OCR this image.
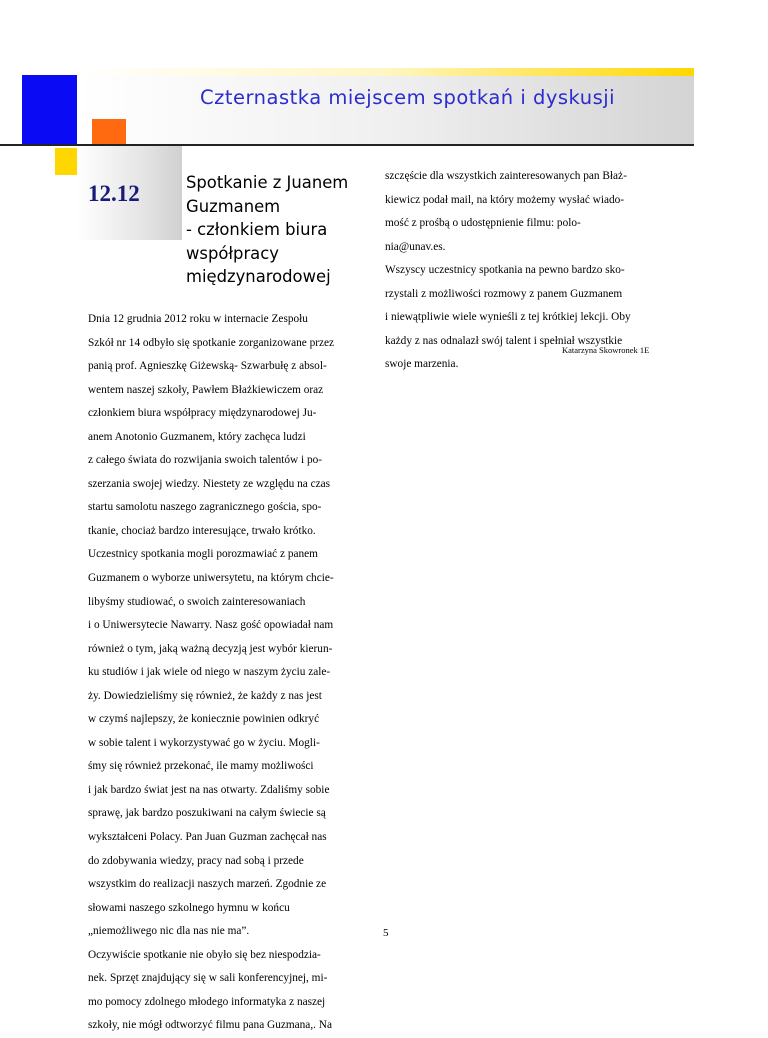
Czternastka miejscem spotkań i dyskusji
12.12	Spotkanie z Juanem
Guzmanem
- członkiem biura
współpracy
międzynarodowej
Dnia 12 grudnia 2012 roku w internacie Zespołu
Szkół nr 14 odbyło się spotkanie zorganizowane przez
panią prof. Agnieszkę Giżewską- Szwarbułę z absol-
wentem naszej szkoły, Pawłem Błażkiewiczem oraz
członkiem biura współpracy międzynarodowej Ju-
anem Anotonio Guzmanem, który zachęca ludzi
z całego świata do rozwijania swoich talentów i po-
szerzania swojej wiedzy. Niestety ze względu na czas
startu samolotu naszego zagranicznego gościa, spo-
tkanie, chociaż bardzo interesujące, trwało krótko.
Uczestnicy spotkania mogli porozmawiać z panem
Guzmanem o wyborze uniwersytetu, na którym chcie-
libyśmy studiować, o swoich zainteresowaniach
i o Uniwersytecie Nawarry. Nasz gość opowiadał nam
również o tym, jaką ważną decyzją jest wybór kierun-
ku studiów i jak wiele od niego w naszym życiu zale-
ży. Dowiedzieliśmy się również, że każdy z nas jest
w czymś najlepszy, że koniecznie powinien odkryć
w sobie talent i wykorzystywać go w życiu. Mogli-
śmy się również przekonać, ile mamy możliwości
i jak bardzo świat jest na nas otwarty. Zdaliśmy sobie
sprawę, jak bardzo poszukiwani na całym świecie są
wykształceni Polacy. Pan Juan Guzman zachęcał nas
do zdobywania wiedzy, pracy nad sobą i przede
wszystkim do realizacji naszych marzeń. Zgodnie ze
słowami naszego szkolnego hymnu w końcu
„niemożliwego nic dla nas nie ma”.
Oczywiście spotkanie nie obyło się bez niespodzia-
nek. Sprzęt znajdujący się w sali konferencyjnej, mi-
mo pomocy zdolnego młodego informatyka z naszej
szkoły, nie mógł odtworzyć filmu pana Guzmana,. Na
szczęście dla wszystkich zainteresowanych pan Błaż-
kiewicz podał mail, na który możemy wysłać wiado-
mość z prośbą o udostępnienie filmu: polo-
nia@unav.es.
Wszyscy uczestnicy spotkania na pewno bardzo sko-
rzystali z możliwości rozmowy z panem Guzmanem
i niewątpliwie wiele wynieśli z tej krótkiej lekcji. Oby
każdy z nas odnalazł swój talent i spełniał wszystkie
swoje marzenia.
Katarzyna Skowronek 1E
5
